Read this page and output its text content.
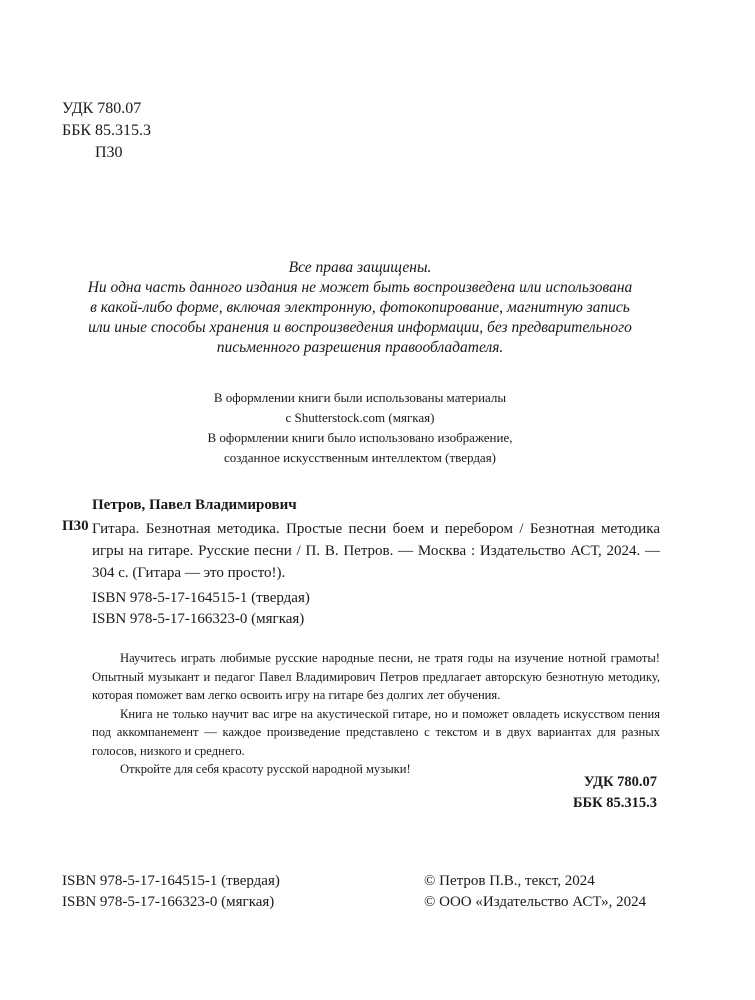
УДК 780.07
ББК 85.315.3
П30
Все права защищены.
Ни одна часть данного издания не может быть воспроизведена или использована
в какой-либо форме, включая электронную, фотокопирование, магнитную запись
или иные способы хранения и воспроизведения информации, без предварительного
письменного разрешения правообладателя.
В оформлении книги были использованы материалы
с Shutterstock.com (мягкая)
В оформлении книги было использовано изображение,
созданное искусственным интеллектом (твердая)
Петров, Павел Владимирович
П30 Гитара. Безнотная методика. Простые песни боем и перебором / Безнотная методика игры на гитаре. Русские песни / П. В. Петров. — Москва : Издательство АСТ, 2024. — 304 с. (Гитара — это просто!).
ISBN 978-5-17-164515-1 (твердая)
ISBN 978-5-17-166323-0 (мягкая)

Научитесь играть любимые русские народные песни, не тратя годы на изучение нотной грамоты! Опытный музыкант и педагог Павел Владимирович Петров предлагает авторскую безнотную методику, которая поможет вам легко освоить игру на гитаре без долгих лет обучения.

Книга не только научит вас игре на акустической гитаре, но и поможет овладеть искусством пения под аккомпанемент — каждое произведение представлено с текстом и в двух вариантах для разных голосов, низкого и среднего.

Откройте для себя красоту русской народной музыки!

УДК 780.07
ББК 85.315.3
ISBN 978-5-17-164515-1 (твердая)
ISBN 978-5-17-166323-0 (мягкая)
© Петров П.В., текст, 2024
© ООО «Издательство АСТ», 2024
